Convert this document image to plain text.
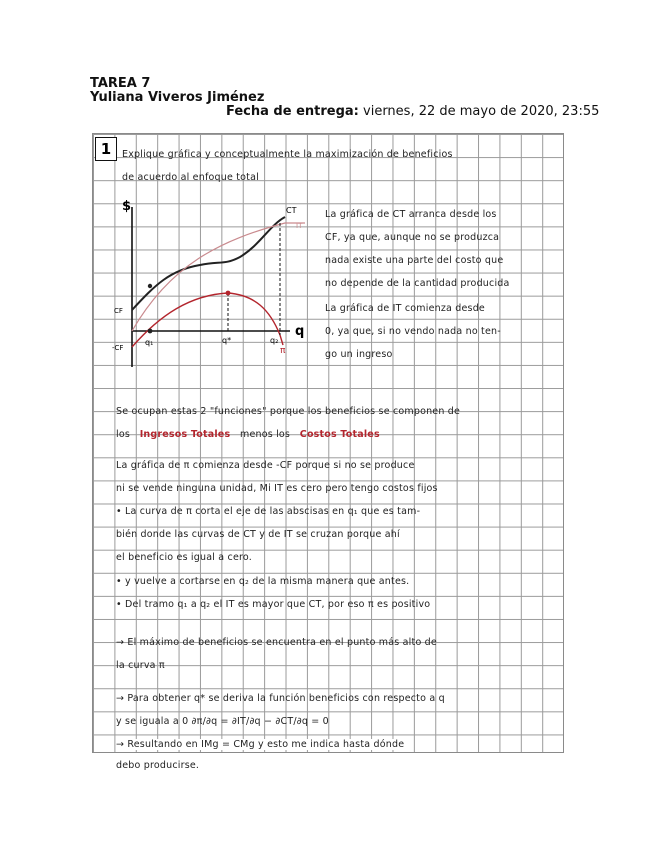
TAREA 7
Yuliana Viveros Jiménez
Fecha de entrega: viernes, 22 de mayo de 2020, 23:55
1	Explique gráfica y conceptualmente la maximización de beneficios
de acuerdo al enfoque total
$
q
CT
IT
π
CF
-CF
q₁	q*	q₂
La gráfica de CT arranca desde los
CF, ya que, aunque no se produzca
nada existe una parte del costo que
no depende de la cantidad producida
La gráfica de IT comienza desde
0, ya que, si no vendo nada no ten-
go un ingreso
Se ocupan estas 2 "funciones" porque los beneficios se componen de
los Ingresos Totales menos los Costos Totales
La gráfica de π comienza desde -CF porque si no se produce
ni se vende ninguna unidad, Mi IT es cero pero tengo costos fijos
• La curva de π corta el eje de las abscisas en q₁ que es tam-
bién donde las curvas de CT y de IT se cruzan porque ahí
el beneficio es igual a cero.
• y vuelve a cortarse en q₂ de la misma manera que antes.
• Del tramo q₁ a q₂ el IT es mayor que CT, por eso π es positivo
→ El máximo de beneficios se encuentra en el punto más alto de
la curva π
→ Para obtener q* se deriva la función beneficios con respecto a q
y se iguala a 0 ∂π/∂q = ∂IT/∂q − ∂CT/∂q = 0
→ Resultando en IMg = CMg y esto me indica hasta dónde
debo producirse.
